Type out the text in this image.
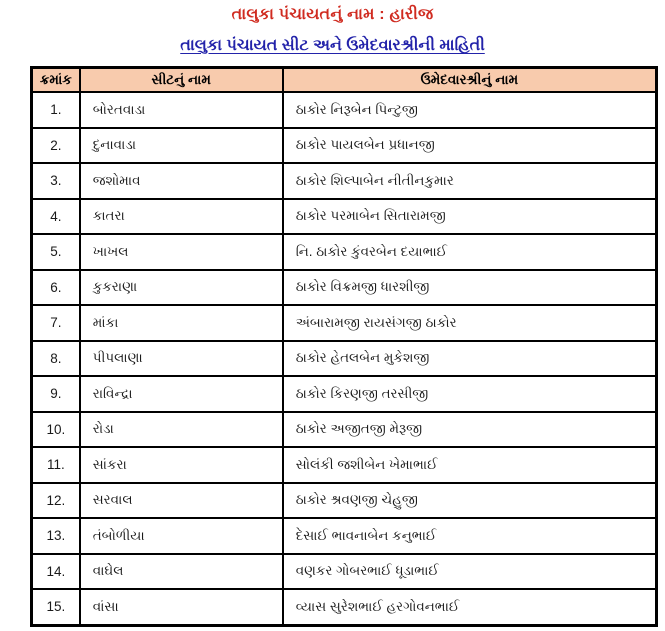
તાલુકા પંચાયતનું નામ : હારીજ
તાલુકા પંચાયત સીટ અને ઉમેદવારશ્રીની માહિતી
ક્રમાંક	સીટનું નામ	ઉમેદવારશ્રીનું નામ
1.	બોરતવાડા	ઠાકોર નિરૂબેન પિન્ટુજી
2.	દુનાવાડા	ઠાકોર પાયલબેન પ્રધાનજી
3.	જશોમાવ	ઠાકોર શિલ્પાબેન નીતીનકુમાર
4.	કાતરા	ઠાકોર પરમાબેન સિતારામજી
5.	ખાખલ	નિ. ઠાકોર કુંવરબેન દયાભાઈ
6.	કુકરાણા	ઠાકોર વિક્રમજી ધારશીજી
7.	માંકા	અંબારામજી રાયસંગજી ઠાકોર
8.	પીપલાણા	ઠાકોર હેતલબેન મુકેશજી
9.	રાવિન્દ્રા	ઠાકોર કિરણજી તરસીજી
10.	રોડા	ઠાકોર અજીતજી મેરૂજી
11.	સાંકરા	સોલંકી જશીબેન ખેમાભાઈ
12.	સરવાલ	ઠાકોર શ્રવણજી ચેહુજી
13.	તંબોળીયા	દેસાઈ ભાવનાબેન કનુભાઈ
14.	વાઘેલ	વણકર ગોબરભાઈ ધૂડાભાઈ
15.	વાંસા	વ્યાસ સુરેશભાઈ હરગોવનભાઈ
